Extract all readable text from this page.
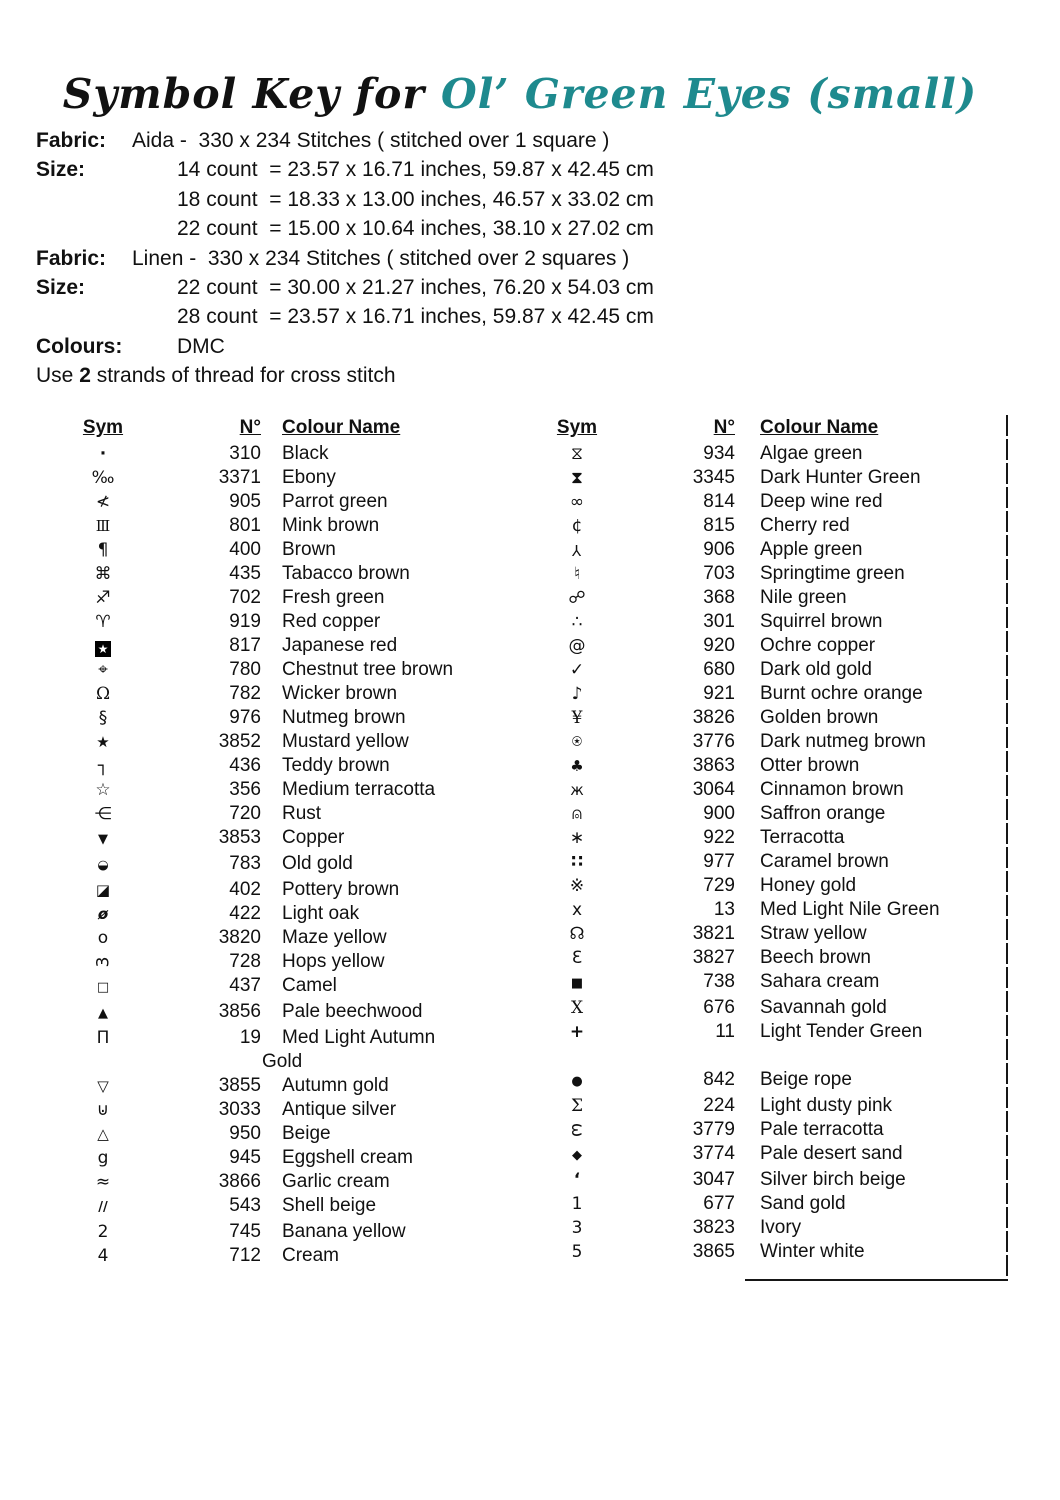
Symbol Key for Ol’ Green Eyes (small)
Fabric:	Aida -  330 x 234 Stitches ( stitched over 1 square )
Size:	14 count  = 23.57 x 16.71 inches, 59.87 x 42.45 cm
18 count  = 18.33 x 13.00 inches, 46.57 x 33.02 cm
22 count  = 15.00 x 10.64 inches, 38.10 x 27.02 cm
Fabric:	Linen -  330 x 234 Stitches ( stitched over 2 squares )
Size:	22 count  = 30.00 x 21.27 inches, 76.20 x 54.03 cm
28 count  = 23.57 x 16.71 inches, 59.87 x 42.45 cm
Colours:	DMC
Use 2 strands of thread for cross stitch
Sym	N° Colour Name
·	310 Black
‰	3371 Ebony
≮	905 Parrot green
Ⅲ	801 Mink brown
¶	400 Brown
⌘	435 Tabacco brown
♐	702 Fresh green
♈	919 Red copper
★	817 Japanese red
⌖	780 Chestnut tree brown
Ω	782 Wicker brown
§	976 Nutmeg brown
★	3852 Mustard yellow
┐	436 Teddy brown
☆	356 Medium terracotta
⋲	720 Rust
▼	3853 Copper
◒	783 Old gold
◪	402 Pottery brown
ø	422 Light oak
o	3820 Maze yellow
3	728 Hops yellow
□	437 Camel
▲	3856 Pale beechwood
Π	19 Med Light Autumn
Gold
▽	3855 Autumn gold
⊍	3033 Antique silver
△	950 Beige
g	945 Eggshell cream
≈	3866 Garlic cream
//	543 Shell beige
2	745 Banana yellow
4	712 Cream
Sym	N° Colour Name
⧖	934 Algae green
⧗	3345 Dark Hunter Green
∞	814 Deep wine red
¢	815 Cherry red
Y	906 Apple green
♮	703 Springtime green
☍	368 Nile green
∴	301 Squirrel brown
@	920 Ochre copper
✓	680 Dark old gold
♪	921 Burnt ochre orange
¥	3826 Golden brown
⍟	3776 Dark nutmeg brown
♣	3863 Otter brown
ж	3064 Cinnamon brown
⍝	900 Saffron orange
∗	922 Terracotta
∷	977 Caramel brown
※	729 Honey gold
x	13 Med Light Nile Green
☊	3821 Straw yellow
Ɛ	3827 Beech brown
■	738 Sahara cream
Ⅹ	676 Savannah gold
+	11 Light Tender Green
●	842 Beige rope
Σ	224 Light dusty pink
ω	3779 Pale terracotta
◆	3774 Pale desert sand
‘	3047 Silver birch beige
1	677 Sand gold
3	3823 Ivory
5	3865 Winter white
